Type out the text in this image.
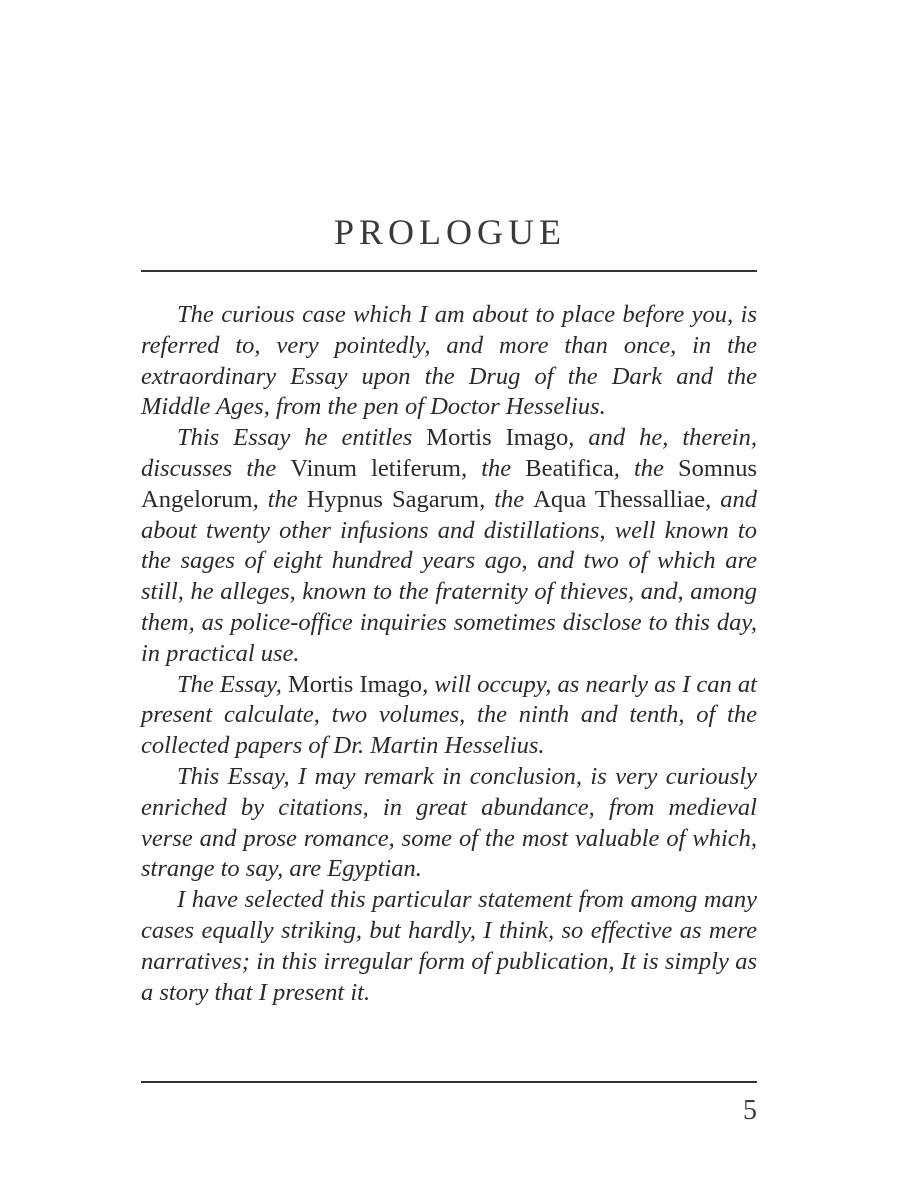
PROLOGUE

The curious case which I am about to place before you, is referred to, very pointedly, and more than once, in the extraordinary Essay upon the Drug of the Dark and the Middle Ages, from the pen of Doctor Hesselius.

This Essay he entitles Mortis Imago, and he, therein, discusses the Vinum letiferum, the Beatifica, the Somnus Angelorum, the Hypnus Sagarum, the Aqua Thessalliae, and about twenty other infusions and distillations, well known to the sages of eight hundred years ago, and two of which are still, he alleges, known to the fraternity of thieves, and, among them, as police-office inquiries sometimes disclose to this day, in practical use.

The Essay, Mortis Imago, will occupy, as nearly as I can at present calculate, two volumes, the ninth and tenth, of the collected papers of Dr. Martin Hesselius.

This Essay, I may remark in conclusion, is very curiously enriched by citations, in great abundance, from medieval verse and prose romance, some of the most valuable of which, strange to say, are Egyptian.

I have selected this particular statement from among many cases equally striking, but hardly, I think, so effective as mere narratives; in this irregular form of publication, It is simply as a story that I present it.

5
